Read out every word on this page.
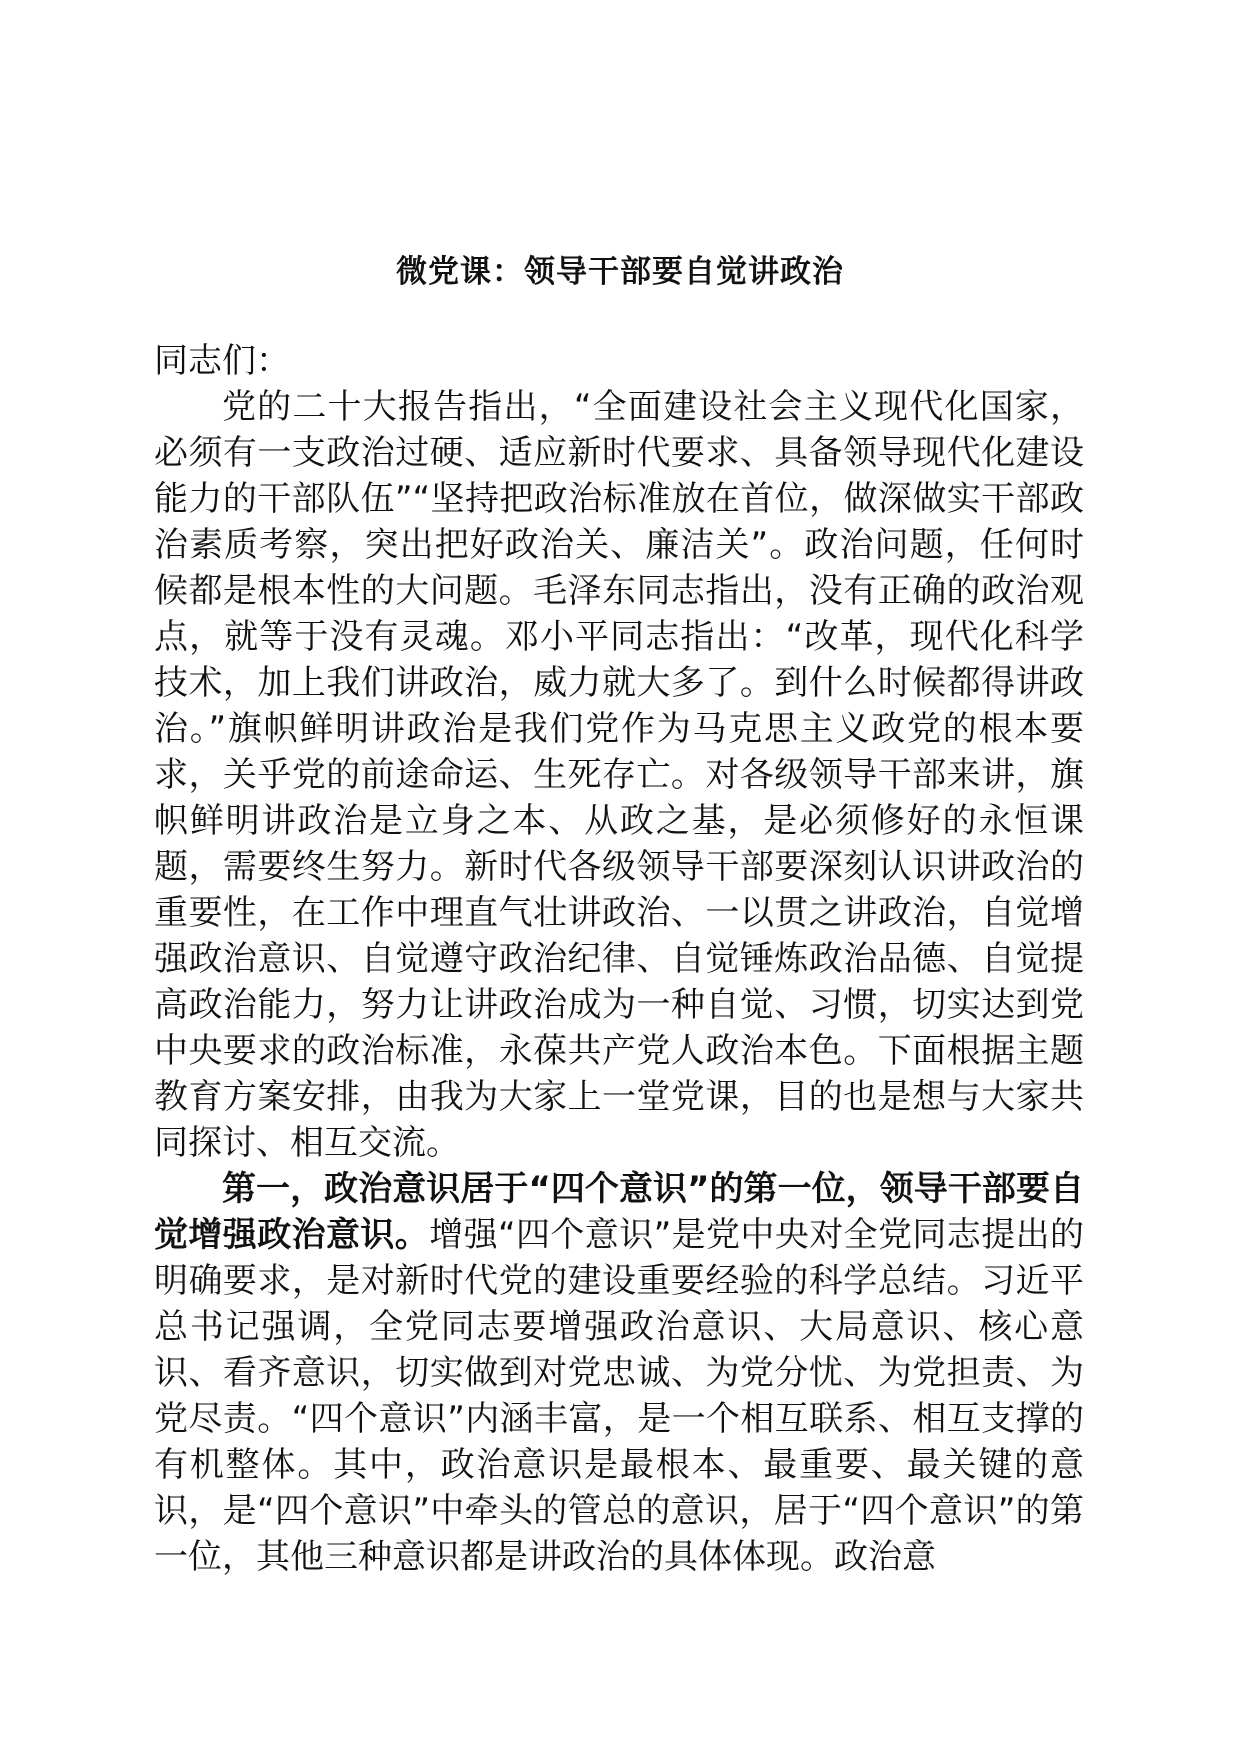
微党课：领导干部要自觉讲政治

同志们：

党的二十大报告指出，“全面建设社会主义现代化国家，必须有一支政治过硬、适应新时代要求、具备领导现代化建设能力的干部队伍”“坚持把政治标准放在首位，做深做实干部政治素质考察，突出把好政治关、廉洁关”。政治问题，任何时候都是根本性的大问题。毛泽东同志指出，没有正确的政治观点，就等于没有灵魂。邓小平同志指出：“改革，现代化科学技术，加上我们讲政治，威力就大多了。到什么时候都得讲政治。”旗帜鲜明讲政治是我们党作为马克思主义政党的根本要求，关乎党的前途命运、生死存亡。对各级领导干部来讲，旗帜鲜明讲政治是立身之本、从政之基，是必须修好的永恒课题，需要终生努力。新时代各级领导干部要深刻认识讲政治的重要性，在工作中理直气壮讲政治、一以贯之讲政治，自觉增强政治意识、自觉遵守政治纪律、自觉锤炼政治品德、自觉提高政治能力，努力让讲政治成为一种自觉、习惯，切实达到党中央要求的政治标准，永葆共产党人政治本色。下面根据主题教育方案安排，由我为大家上一堂党课，目的也是想与大家共同探讨、相互交流。

第一，政治意识居于“四个意识”的第一位，领导干部要自觉增强政治意识。增强“四个意识”是党中央对全党同志提出的明确要求，是对新时代党的建设重要经验的科学总结。习近平总书记强调，全党同志要增强政治意识、大局意识、核心意识、看齐意识，切实做到对党忠诚、为党分忧、为党担责、为党尽责。“四个意识”内涵丰富，是一个相互联系、相互支撑的有机整体。其中，政治意识是最根本、最重要、最关键的意识，是“四个意识”中牵头的管总的意识，居于“四个意识”的第一位，其他三种意识都是讲政治的具体体现。政治意
